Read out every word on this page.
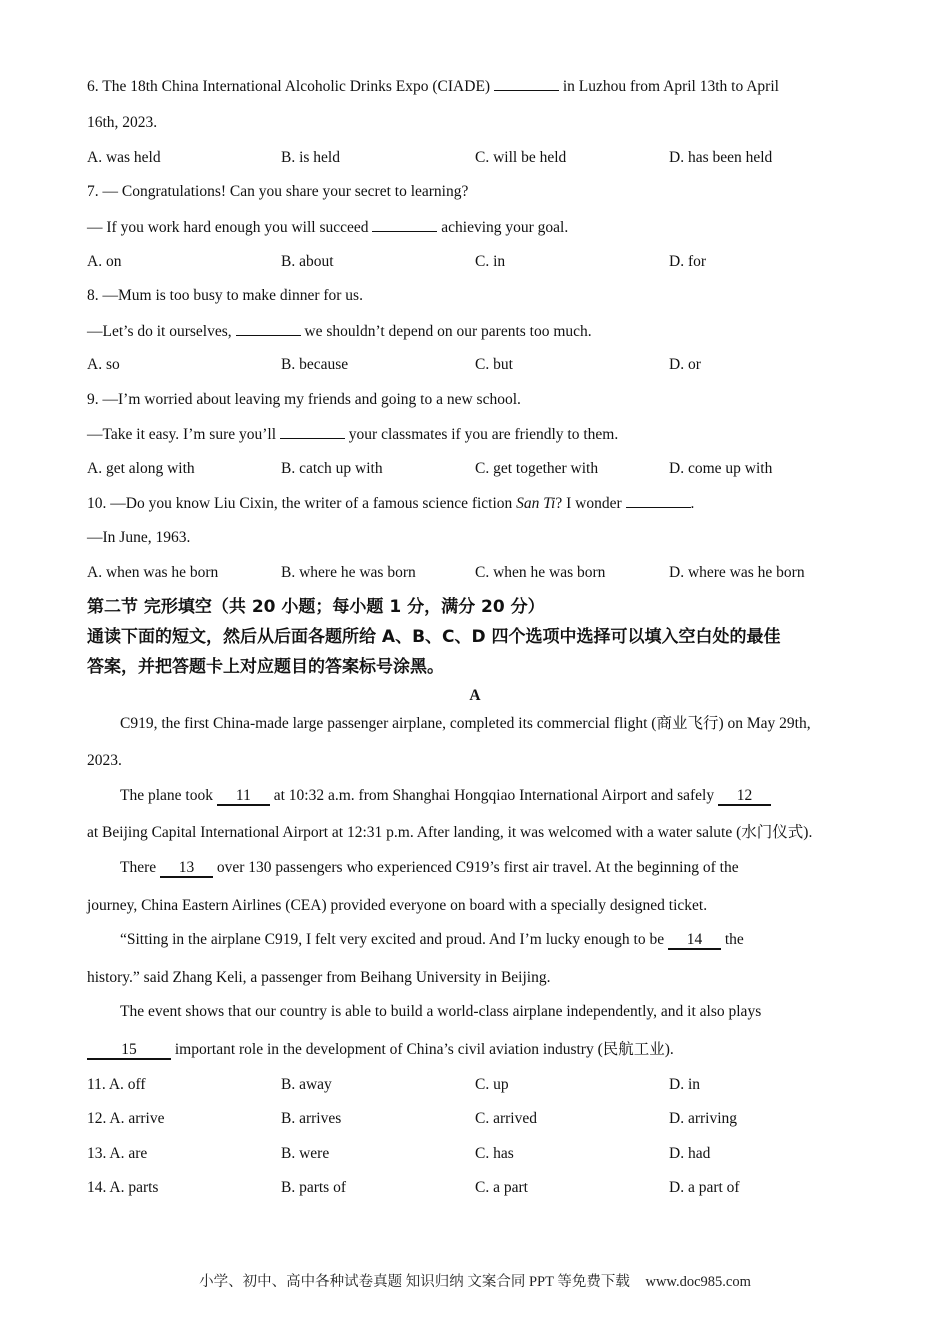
6. The 18th China International Alcoholic Drinks Expo (CIADE)	in Luzhou from April 13th to April
16th, 2023.
A. was held	B. is held	C. will be held	D. has been held
7. — Congratulations! Can you share your secret to learning?
— If you work hard enough you will succeed	achieving your goal.
A. on	B. about	C. in	D. for
8. —Mum is too busy to make dinner for us.
—Let’s do it ourselves,	we shouldn’t depend on our parents too much.
A. so	B. because	C. but	D. or
9. —I’m worried about leaving my friends and going to a new school.
—Take it easy. I’m sure you’ll	your classmates if you are friendly to them.
A. get along with	B. catch up with	C. get together with	D. come up with
10. —Do you know Liu Cixin, the writer of a famous science fiction San Ti? I wonder	.
—In June, 1963.
A. when was he born	B. where he was born	C. when he was born	D. where was he born
第二节 完形填空（共 20 小题；每小题 1 分，满分 20 分）
通读下面的短文，然后从后面各题所给 A、B、C、D 四个选项中选择可以填入空白处的最佳
答案，并把答题卡上对应题目的答案标号涂黑。
A
C919, the first China-made large passenger airplane, completed its commercial flight (商业飞行) on May 29th,
2023.
The plane took 11 at 10:32 a.m. from Shanghai Hongqiao International Airport and safely 12
at Beijing Capital International Airport at 12:31 p.m. After landing, it was welcomed with a water salute (水门仪式).
There 13 over 130 passengers who experienced C919’s first air travel. At the beginning of the
journey, China Eastern Airlines (CEA) provided everyone on board with a specially designed ticket.
“Sitting in the airplane C919, I felt very excited and proud. And I’m lucky enough to be 14 the
history.” said Zhang Keli, a passenger from Beihang University in Beijing.
The event shows that our country is able to build a world-class airplane independently, and it also plays
15 important role in the development of China’s civil aviation industry (民航工业).
11. A. off	B. away	C. up	D. in
12. A. arrive	B. arrives	C. arrived	D. arriving
13. A. are	B. were	C. has	D. had
14. A. parts	B. parts of	C. a part	D. a part of
小学、初中、高中各种试卷真题 知识归纳 文案合同 PPT 等免费下载 www.doc985.com
